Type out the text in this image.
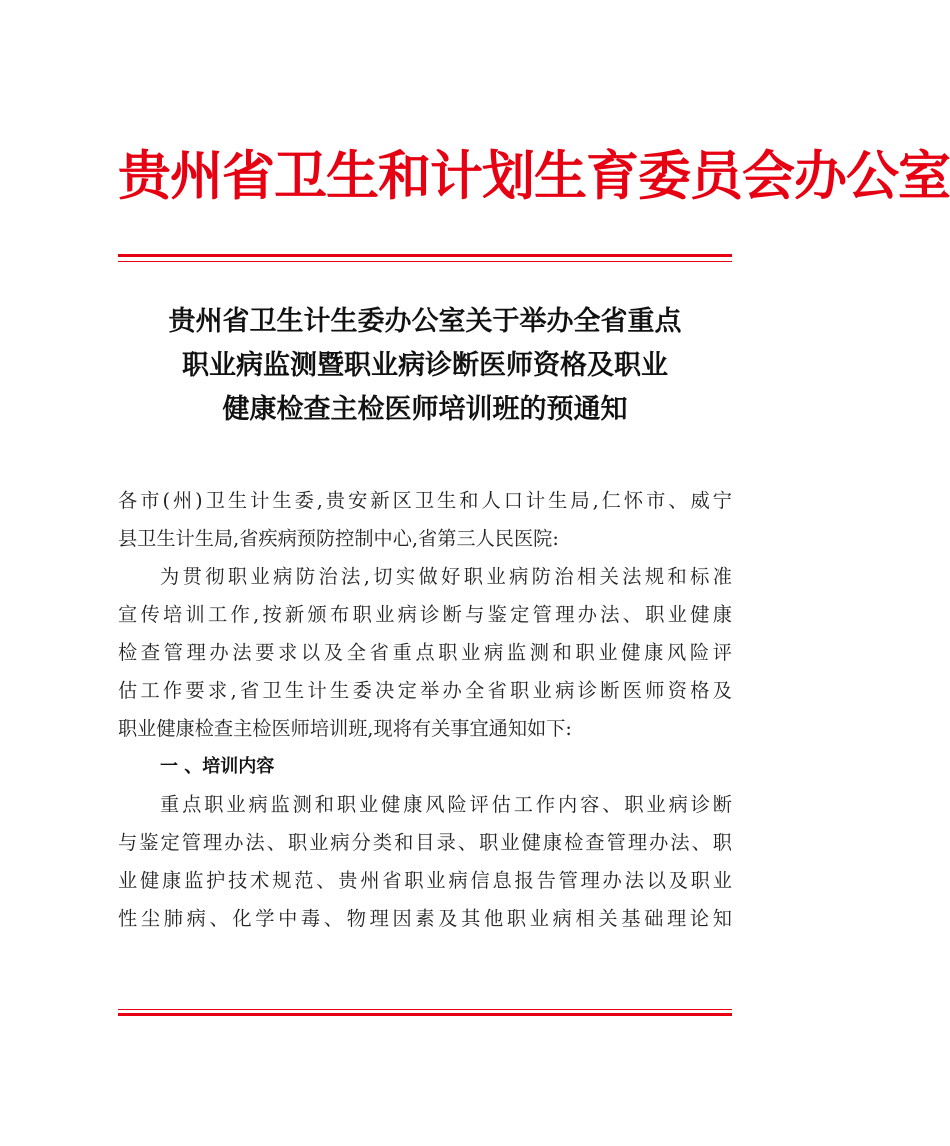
贵州省卫生和计划生育委员会办公室
贵州省卫生计生委办公室关于举办全省重点
职业病监测暨职业病诊断医师资格及职业
健康检查主检医师培训班的预通知
各市(州)卫生计生委,贵安新区卫生和人口计生局,仁怀市、威宁
县卫生计生局,省疾病预防控制中心,省第三人民医院:
为贯彻职业病防治法,切实做好职业病防治相关法规和标准
宣传培训工作,按新颁布职业病诊断与鉴定管理办法、职业健康
检查管理办法要求以及全省重点职业病监测和职业健康风险评
估工作要求,省卫生计生委决定举办全省职业病诊断医师资格及
职业健康检查主检医师培训班,现将有关事宜通知如下:
一 、培训内容
重点职业病监测和职业健康风险评估工作内容、职业病诊断
与鉴定管理办法、职业病分类和目录、职业健康检查管理办法、职
业健康监护技术规范、贵州省职业病信息报告管理办法以及职业
性尘肺病、化学中毒、物理因素及其他职业病相关基础理论知
